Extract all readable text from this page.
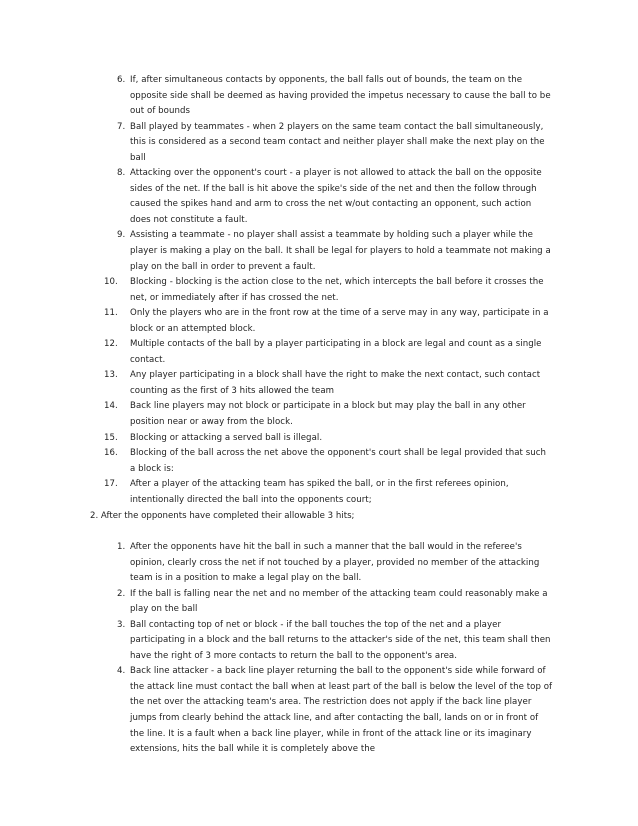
6. If, after simultaneous contacts by opponents, the ball falls out of bounds, the team on the opposite side shall be deemed as having provided the impetus necessary to cause the ball to be out of bounds
7. Ball played by teammates - when 2 players on the same team contact the ball simultaneously, this is considered as a second team contact and neither player shall make the next play on the ball
8. Attacking over the opponent's court - a player is not allowed to attack the ball on the opposite sides of the net. If the ball is hit above the spike's side of the net and then the follow through caused the spikes hand and arm to cross the net w/out contacting an opponent, such action does not constitute a fault.
9. Assisting a teammate - no player shall assist a teammate by holding such a player while the player is making a play on the ball. It shall be legal for players to hold a teammate not making a play on the ball in order to prevent a fault.
10. Blocking - blocking is the action close to the net, which intercepts the ball before it crosses the net, or immediately after if has crossed the net.
11. Only the players who are in the front row at the time of a serve may in any way, participate in a block or an attempted block.
12. Multiple contacts of the ball by a player participating in a block are legal and count as a single contact.
13. Any player participating in a block shall have the right to make the next contact, such contact counting as the first of 3 hits allowed the team
14. Back line players may not block or participate in a block but may play the ball in any other position near or away from the block.
15. Blocking or attacking a served ball is illegal.
16. Blocking of the ball across the net above the opponent's court shall be legal provided that such a block is:
17. After a player of the attacking team has spiked the ball, or in the first referees opinion, intentionally directed the ball into the opponents court;

2. After the opponents have completed their allowable 3 hits;

1. After the opponents have hit the ball in such a manner that the ball would in the referee's opinion, clearly cross the net if not touched by a player, provided no member of the attacking team is in a position to make a legal play on the ball.
2. If the ball is falling near the net and no member of the attacking team could reasonably make a play on the ball
3. Ball contacting top of net or block - if the ball touches the top of the net and a player participating in a block and the ball returns to the attacker's side of the net, this team shall then have the right of 3 more contacts to return the ball to the opponent's area.
4. Back line attacker - a back line player returning the ball to the opponent's side while forward of the attack line must contact the ball when at least part of the ball is below the level of the top of the net over the attacking team's area. The restriction does not apply if the back line player jumps from clearly behind the attack line, and after contacting the ball, lands on or in front of the line. It is a fault when a back line player, while in front of the attack line or its imaginary extensions, hits the ball while it is completely above the
